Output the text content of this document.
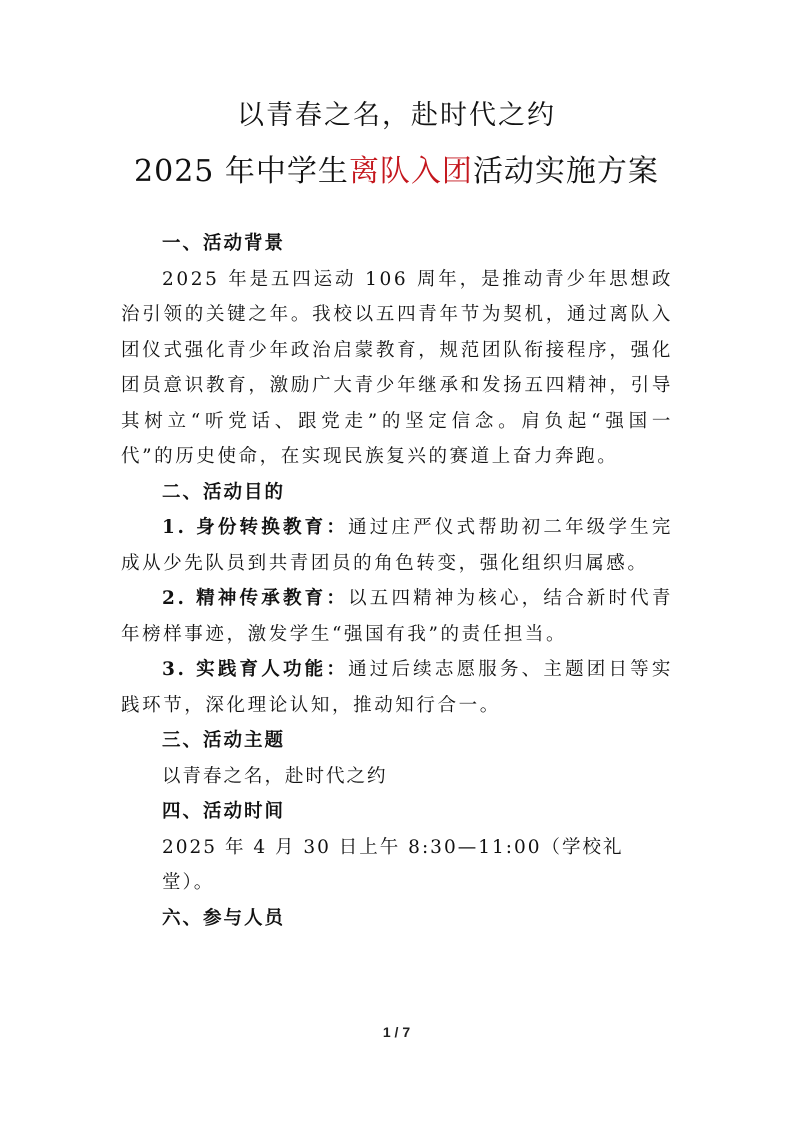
以青春之名，赴时代之约
2025 年中学生离队入团活动实施方案

一、活动背景

2025 年是五四运动 106 周年，是推动青少年思想政治引领的关键之年。我校以五四青年节为契机，通过离队入团仪式强化青少年政治启蒙教育，规范团队衔接程序，强化团员意识教育，激励广大青少年继承和发扬五四精神，引导其树立“听党话、跟党走”的坚定信念。肩负起“强国一代”的历史使命，在实现民族复兴的赛道上奋力奔跑。

二、活动目的

1. 身份转换教育：通过庄严仪式帮助初二年级学生完成从少先队员到共青团员的角色转变，强化组织归属感。

2. 精神传承教育：以五四精神为核心，结合新时代青年榜样事迹，激发学生“强国有我”的责任担当。

3. 实践育人功能：通过后续志愿服务、主题团日等实践环节，深化理论认知，推动知行合一。

三、活动主题

以青春之名，赴时代之约

四、活动时间

2025 年 4 月 30 日上午 8:30—11:00（学校礼堂）。

六、参与人员

1 / 7
